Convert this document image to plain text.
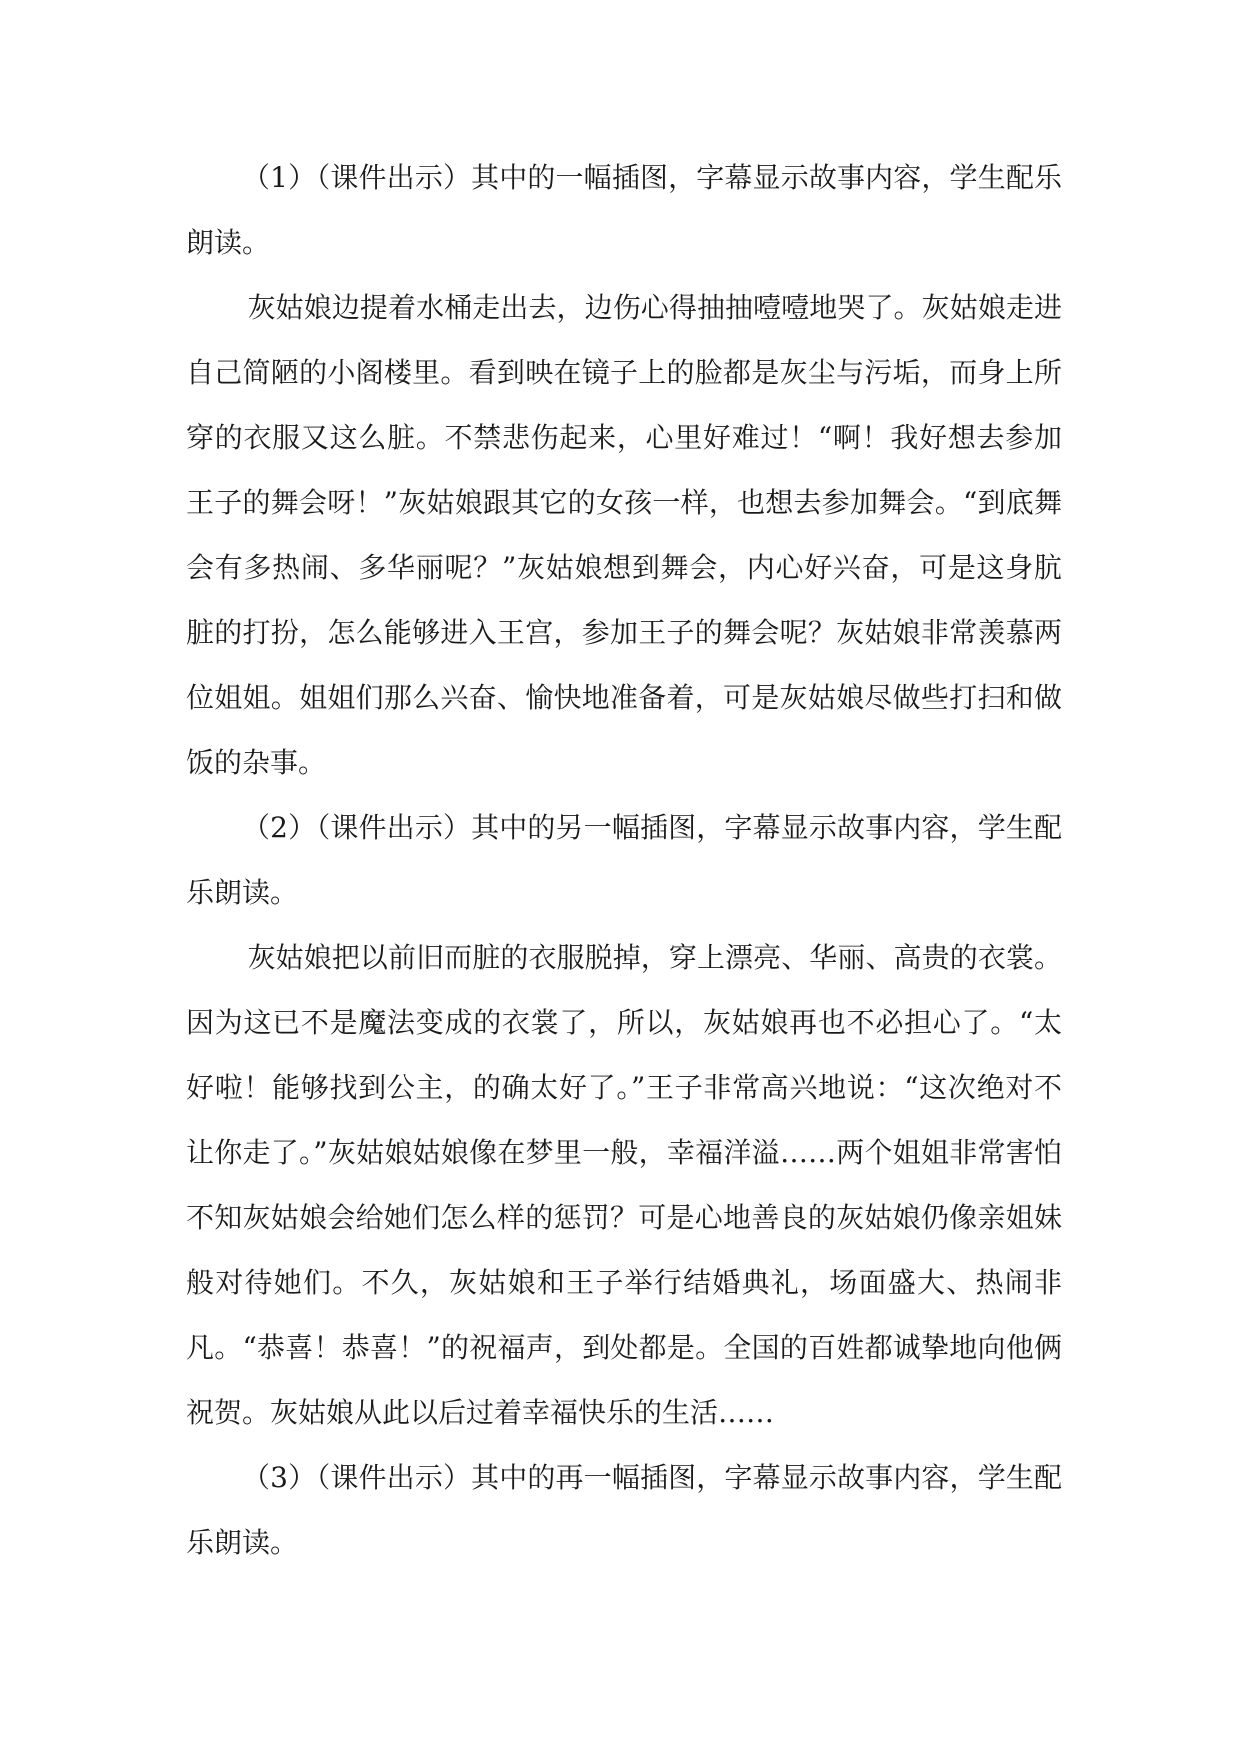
（1）（课件出示）其中的一幅插图，字幕显示故事内容，学生配乐朗读。

灰姑娘边提着水桶走出去，边伤心得抽抽噎噎地哭了。灰姑娘走进自己简陋的小阁楼里。看到映在镜子上的脸都是灰尘与污垢，而身上所穿的衣服又这么脏。不禁悲伤起来，心里好难过！“啊！我好想去参加王子的舞会呀！”灰姑娘跟其它的女孩一样，也想去参加舞会。“到底舞会有多热闹、多华丽呢？”灰姑娘想到舞会，内心好兴奋，可是这身肮脏的打扮，怎么能够进入王宫，参加王子的舞会呢？灰姑娘非常羡慕两位姐姐。姐姐们那么兴奋、愉快地准备着，可是灰姑娘尽做些打扫和做饭的杂事。

（2）（课件出示）其中的另一幅插图，字幕显示故事内容，学生配乐朗读。

灰姑娘把以前旧而脏的衣服脱掉，穿上漂亮、华丽、高贵的衣裳。因为这已不是魔法变成的衣裳了，所以，灰姑娘再也不必担心了。“太好啦！能够找到公主，的确太好了。”王子非常高兴地说：“这次绝对不让你走了。”灰姑娘姑娘像在梦里一般，幸福洋溢……两个姐姐非常害怕不知灰姑娘会给她们怎么样的惩罚？可是心地善良的灰姑娘仍像亲姐妹般对待她们。不久，灰姑娘和王子举行结婚典礼，场面盛大、热闹非凡。“恭喜！恭喜！”的祝福声，到处都是。全国的百姓都诚挚地向他俩祝贺。灰姑娘从此以后过着幸福快乐的生活……

（3）（课件出示）其中的再一幅插图，字幕显示故事内容，学生配乐朗读。
